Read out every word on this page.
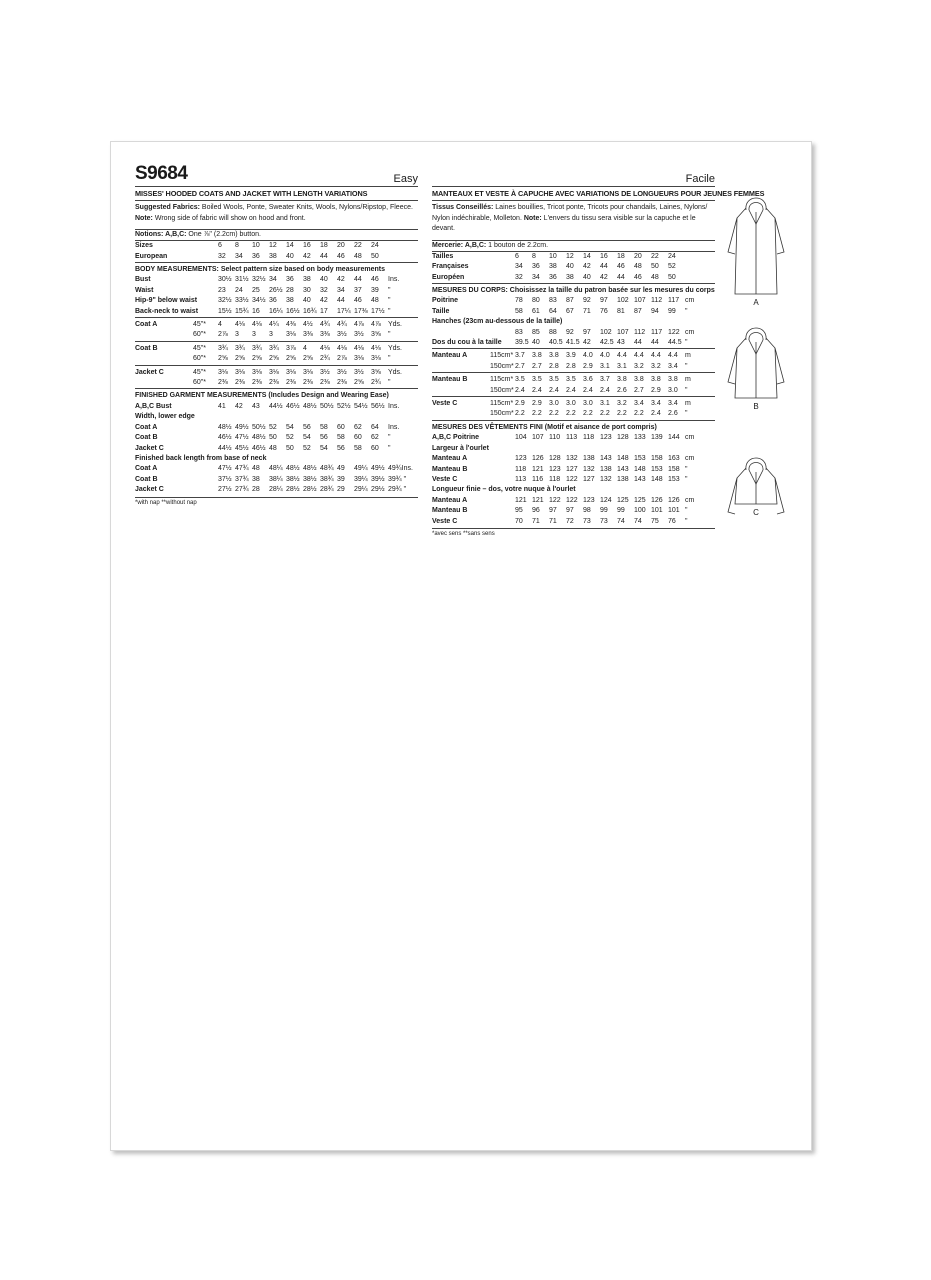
S9684	Easy
MISSES' HOODED COATS AND JACKET WITH LENGTH VARIATIONS
Suggested Fabrics: Boiled Wools, Ponte, Sweater Knits, Wools, Nylons/Ripstop, Fleece.
Note: Wrong side of fabric will show on hood and front.
Notions: A,B,C: One ⅞" (2.2cm) button.
Sizes		6	8	10	12	14	16	18	20	22	24	
European		32	34	36	38	40	42	44	46	48	50	

BODY MEASUREMENTS: Select pattern size based on body measurements												
Bust		30½	31½	32½	34	36	38	40	42	44	46	Ins.
Waist		23	24	25	26½	28	30	32	34	37	39	"
Hip-9" below waist		32½	33½	34½	36	38	40	42	44	46	48	"
Back-neck to waist		15½	15¾	16	16¼	16½	16¾	17	17¼	17⅜	17½	"

Coat A	45"*	4	4⅛	4⅛	4¼	4⅜	4½	4¾	4¾	4⅞	4⅞	Yds.
	60"*	2⅞	3	3	3	3⅛	3⅜	3⅜	3½	3½	3⅝	"

Coat B	45"*	3¾	3¾	3¾	3¾	3⅞	4	4⅛	4⅛	4⅛	4⅛	Yds.
	60"*	2⅝	2⅝	2⅝	2⅝	2⅝	2⅝	2¾	2⅞	3⅛	3⅛	"

Jacket C	45"*	3⅛	3⅛	3⅛	3⅛	3⅛	3⅛	3½	3½	3½	3⅝	Yds.
	60"*	2⅜	2⅜	2⅜	2⅜	2⅜	2⅜	2⅜	2⅜	2⅝	2¾	"

FINISHED GARMENT MEASUREMENTS (Includes Design and Wearing Ease)												
A,B,C Bust		41	42	43	44½	46½	48½	50½	52½	54½	56½	Ins.
Width, lower edge												
Coat A		48½	49½	50½	52	54	56	58	60	62	64	Ins.
Coat B		46½	47½	48½	50	52	54	56	58	60	62	"
Jacket C		44½	45½	46½	48	50	52	54	56	58	60	"
Finished back length from base of neck												
Coat A		47½	47¾	48	48¼	48½	48½	48¾	49	49¼	49½	49¾Ins.
Coat B		37½	37¾	38	38¼	38½	38½	38¾	39	39¼	39½	39¾ "
Jacket C		27½	27¾	28	28¼	28½	28½	28¾	29	29¼	29½	29¾ "
*with nap **without nap
Facile
MANTEAUX ET VESTE À CAPUCHE AVEC VARIATIONS DE LONGUEURS POUR JEUNES FEMMES
Tissus Conseillés: Laines bouillies, Tricot ponte, Tricots pour chandails, Laines, Nylons/ Nylon indéchirable, Molleton. Note: L'envers du tissu sera visible sur la capuche et le devant.
Mercerie: A,B,C: 1 bouton de 2.2cm.
Tailles		6	8	10	12	14	16	18	20	22	24	
Françaises		34	36	38	40	42	44	46	48	50	52	
Européen		32	34	36	38	40	42	44	46	48	50	

MESURES DU CORPS: Choisissez la taille du patron basée sur les mesures du corps												
Poitrine		78	80	83	87	92	97	102	107	112	117	cm
Taille		58	61	64	67	71	76	81	87	94	99	"
Hanches (23cm au-dessous de la taille)												
		83	85	88	92	97	102	107	112	117	122	cm
Dos du cou à la taille		39.5	40	40.5	41.5	42	42.5	43	44	44	44.5	"

Manteau A	115cm*	3.7	3.8	3.8	3.9	4.0	4.0	4.4	4.4	4.4	4.4	m
	150cm*	2.7	2.7	2.8	2.8	2.9	3.1	3.1	3.2	3.2	3.4	"

Manteau B	115cm*	3.5	3.5	3.5	3.5	3.6	3.7	3.8	3.8	3.8	3.8	m
	150cm*	2.4	2.4	2.4	2.4	2.4	2.4	2.6	2.7	2.9	3.0	"

Veste C	115cm*	2.9	2.9	3.0	3.0	3.0	3.1	3.2	3.4	3.4	3.4	m
	150cm*	2.2	2.2	2.2	2.2	2.2	2.2	2.2	2.2	2.4	2.6	"

MESURES DES VÊTEMENTS FINI (Motif et aisance de port compris)												
A,B,C Poitrine		104	107	110	113	118	123	128	133	139	144	cm
Largeur à l'ourlet												
Manteau A		123	126	128	132	138	143	148	153	158	163	cm
Manteau B		118	121	123	127	132	138	143	148	153	158	"
Veste C		113	116	118	122	127	132	138	143	148	153	"
Longueur finie – dos, votre nuque à l'ourlet												
Manteau A		121	121	122	122	123	124	125	125	126	126	cm
Manteau B		95	96	97	97	98	99	99	100	101	101	"
Veste C		70	71	71	72	73	73	74	74	75	76	"
*avec sens **sans sens
A
B
C
